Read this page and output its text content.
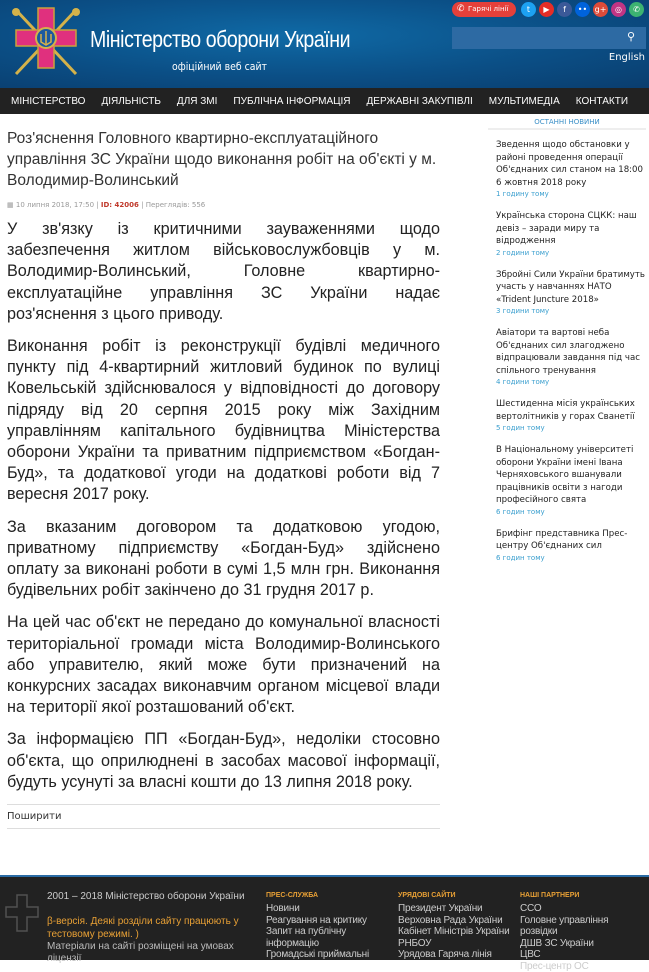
Міністерство оборони України
офіційний веб сайт
✆ Гарячі лінії	t	▶	f	•• g+	◎	✆
⚲
English
МІНІСТЕРСТВО ДІЯЛЬНІСТЬ ДЛЯ ЗМІ ПУБЛІЧНА ІНФОРМАЦІЯ ДЕРЖАВНІ ЗАКУПІВЛІ МУЛЬТИМЕДІА КОНТАКТИ
Роз'яснення Головного квартирно-експлуатаційного управління ЗС України щодо виконання робіт на об'єкті у м. Володимир-Волинський
▦ 10 липня 2018, 17:50 | ID: 42006 | Переглядів: 556

У зв'язку із критичними зауваженнями щодо забезпечення житлом військовослужбовців у м. Володимир-Волинський, Головне квартирно-експлуатаційне управління ЗС України надає роз'яснення з цього приводу.

Виконання робіт із реконструкції будівлі медичного пункту під 4-квартирний житловий будинок по вулиці Ковельській здійснювалося у відповідності до договору підряду від 20 серпня 2015 року між Західним управлінням капітального будівництва Міністерства оборони України та приватним підприємством «Богдан-Буд», та додаткової угоди на додаткові роботи від 7 вересня 2017 року.

За вказаним договором та додатковою угодою, приватному підприємству «Богдан-Буд» здійснено оплату за виконані роботи в сумі 1,5 млн грн. Виконання будівельних робіт закінчено до 31 грудня 2017 р.

На цей час об'єкт не передано до комунальної власності територіальної громади міста Володимир-Волинського або управителю, який може бути призначений на конкурсних засадах виконавчим органом місцевої влади на території якої розташований об'єкт.

За інформацією ПП «Богдан-Буд», недоліки стосовно об'єкта, що оприлюднені в засобах масової інформації, будуть усунуті за власні кошти до 13 липня 2018 року.

Поширити
ОСТАННІ НОВИНИ
Зведення щодо обстановки у районі проведення операції Об'єднаних сил станом на 18:00 6 жовтня 2018 року
1 годину тому
Українська сторона СЦКК: наш девіз – заради миру та відродження
2 години тому
Збройні Сили України братимуть участь у навчаннях НАТО «Trident Juncture 2018»
3 години тому
Авіатори та вартові неба Об'єднаних сил злагоджено відпрацювали завдання під час спільного тренування
4 години тому
Шестиденна місія українських вертолітників у горах Сванетії
5 годин тому
В Національному університеті оборони України імені Івана Черняховського вшанували працівників освіти з нагоди професійного свята
6 годин тому
Брифінг представника Прес-центру Об'єднаних сил
6 годин тому
2001 – 2018 Міністерство оборони України
β-версія. Деякі розділи сайту працюють у тестовому режимі. )
Матеріали на сайті розміщені на умовах ліцензії
ПРЕС-СЛУЖБА
Новини
Реагування на критику
Запит на публічну
інформацію
Громадські приймальні
УРЯДОВІ САЙТИ
Президент України
Верховна Рада України
Кабінет Міністрів України
РНБОУ
Урядова Гаряча лінія
НАШІ ПАРТНЕРИ
ССО
Головне управління розвідки
ДШВ ЗС України
ЦВС
Прес-центр ОС
